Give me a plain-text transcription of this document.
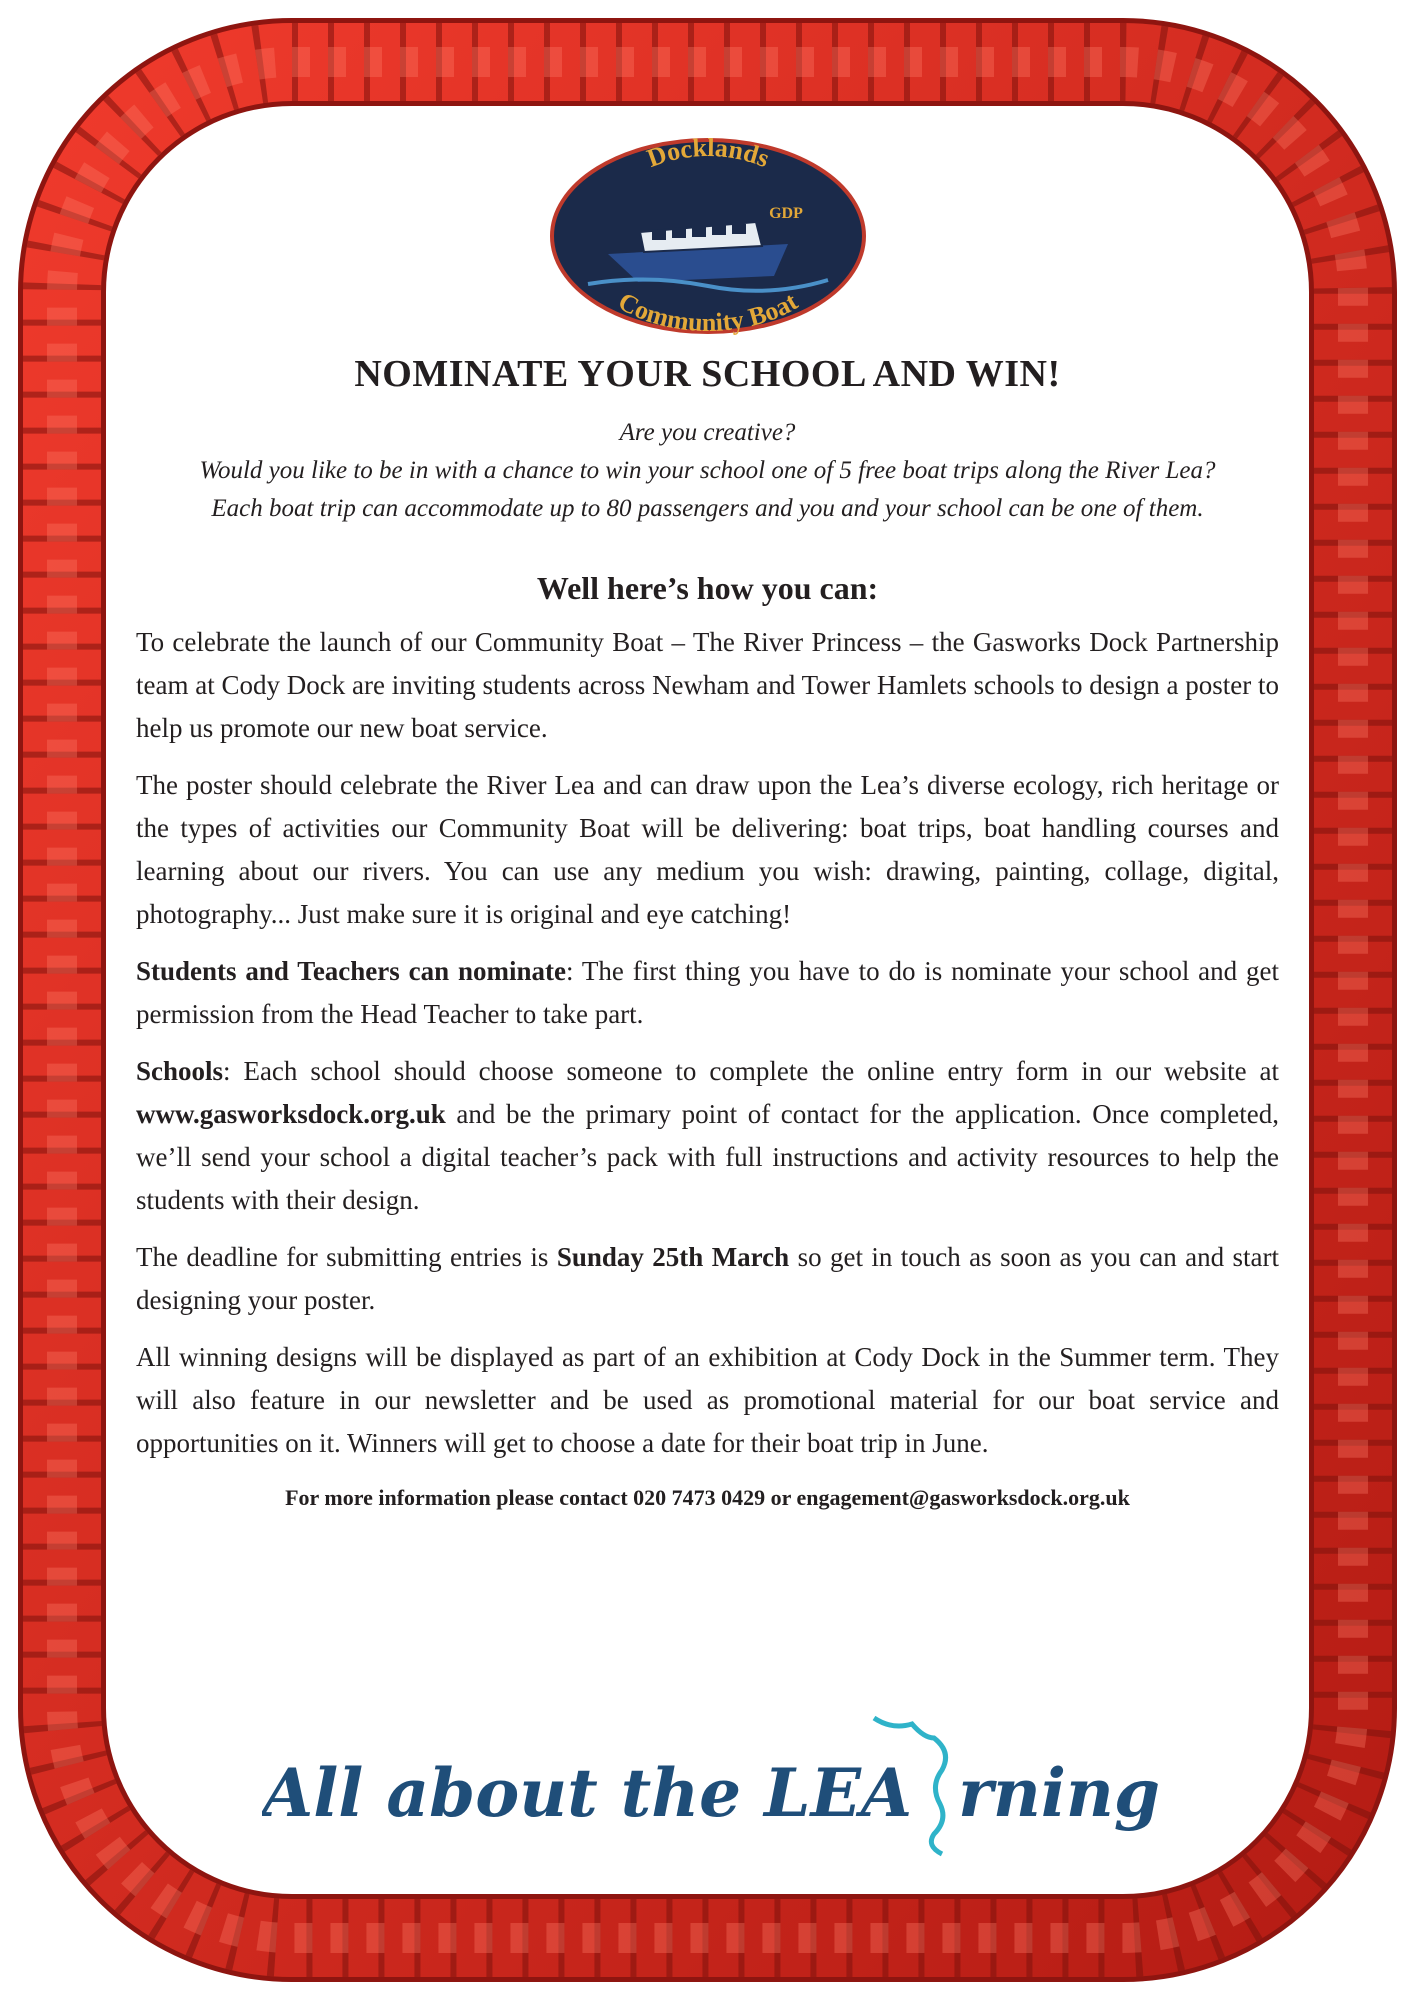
Docklands
Community Boat
GDP
NOMINATE YOUR SCHOOL AND WIN!

Are you creative?

Would you like to be in with a chance to win your school one of 5 free boat trips along the River Lea?

Each boat trip can accommodate up to 80 passengers and you and your school can be one of them.

Well here’s how you can:

To celebrate the launch of our Community Boat – The River Princess – the Gasworks Dock Partnership team at Cody Dock are inviting students across Newham and Tower Hamlets schools to design a poster to help us promote our new boat service.

The poster should celebrate the River Lea and can draw upon the Lea’s diverse ecology, rich heritage or the types of activities our Community Boat will be delivering: boat trips, boat handling courses and learning about our rivers. You can use any medium you wish: drawing, painting, collage, digital, photography... Just make sure it is original and eye catching!

Students and Teachers can nominate: The first thing you have to do is nominate your school and get permission from the Head Teacher to take part.

Schools: Each school should choose someone to complete the online entry form in our website at www.gasworksdock.org.uk and be the primary point of contact for the application. Once completed, we’ll send your school a digital teacher’s pack with full instructions and activity resources to help the students with their design.

The deadline for submitting entries is Sunday 25th March so get in touch as soon as you can and start designing your poster.

All winning designs will be displayed as part of an exhibition at Cody Dock in the Summer term. They will also feature in our newsletter and be used as promotional material for our boat service and opportunities on it. Winners will get to choose a date for their boat trip in June.

For more information please contact 020 7473 0429 or engagement@gasworksdock.org.uk

All about the LEA rning
